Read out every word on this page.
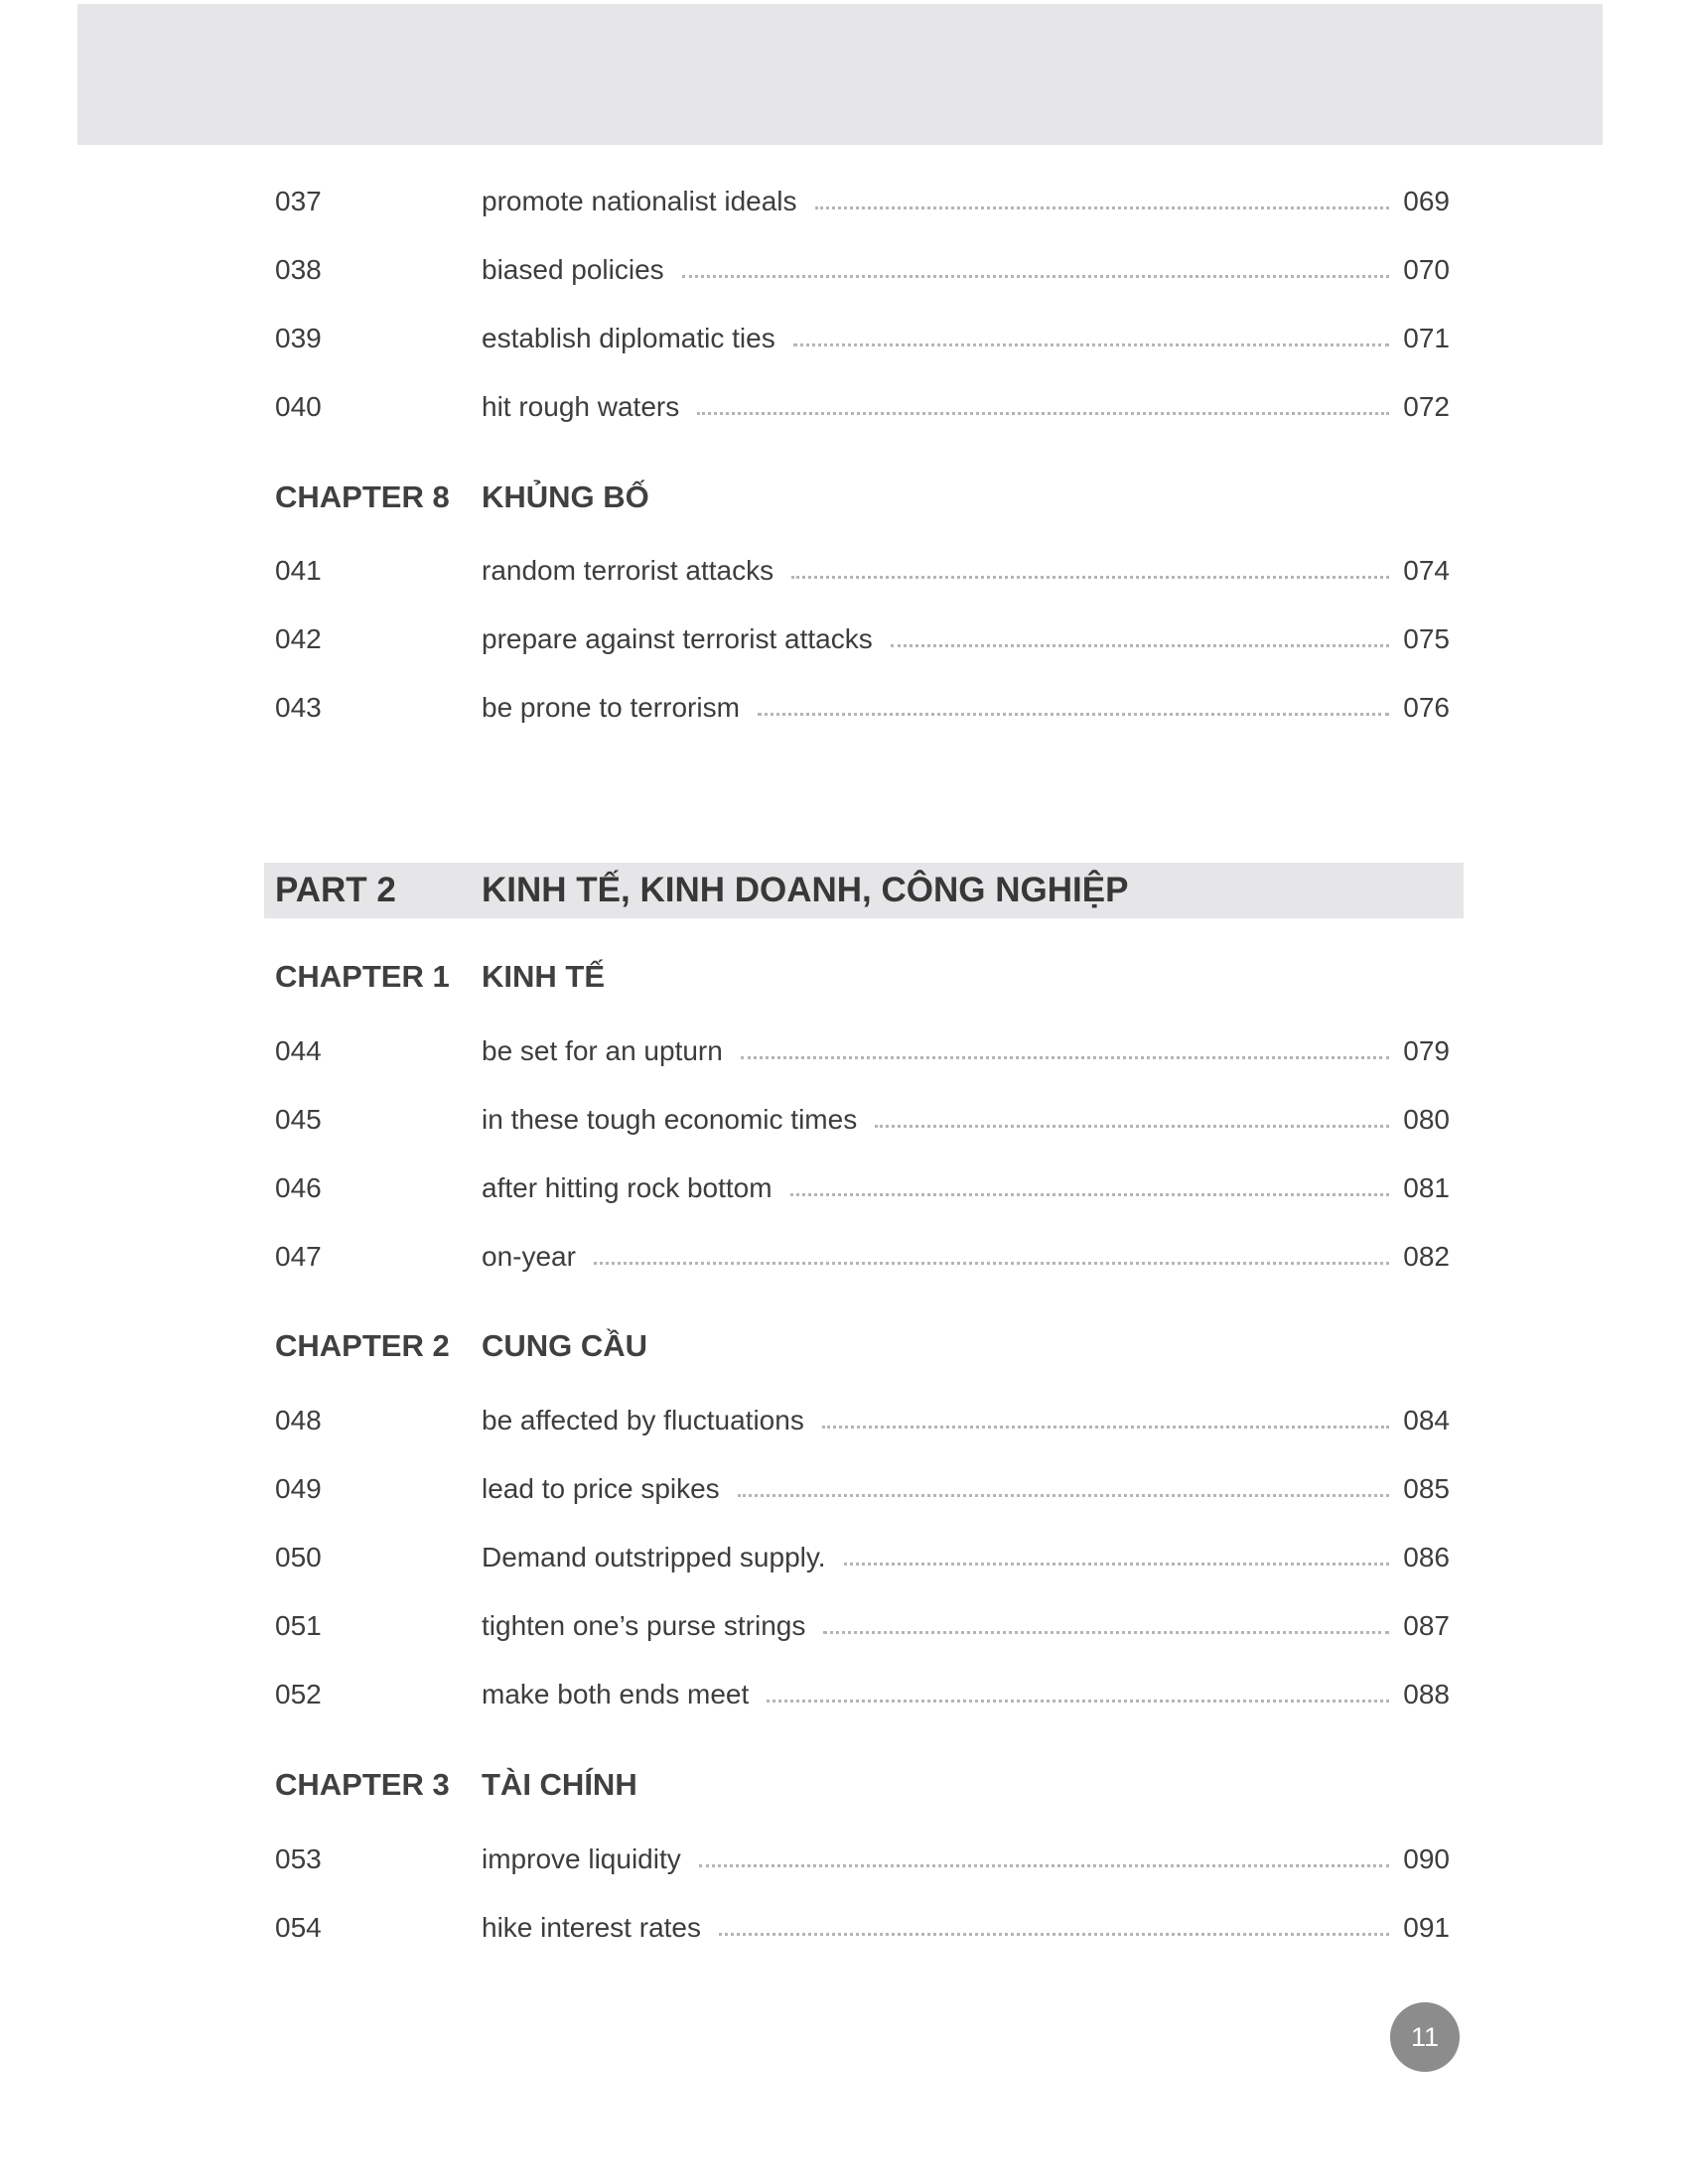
037	promote nationalist ideals	069
038	biased policies	070
039	establish diplomatic ties	071
040	hit rough waters	072
CHAPTER 8	KHỦNG BỐ
041	random terrorist attacks	074
042	prepare against terrorist attacks	075
043	be prone to terrorism	076
PART 2	KINH TẾ, KINH DOANH, CÔNG NGHIỆP
CHAPTER 1	KINH TẾ
044	be set for an upturn	079
045	in these tough economic times	080
046	after hitting rock bottom	081
047	on-year	082
CHAPTER 2	CUNG CẦU
048	be affected by fluctuations	084
049	lead to price spikes	085
050	Demand outstripped supply.	086
051	tighten one’s purse strings	087
052	make both ends meet	088
CHAPTER 3	TÀI CHÍNH
053	improve liquidity	090
054	hike interest rates	091
11
